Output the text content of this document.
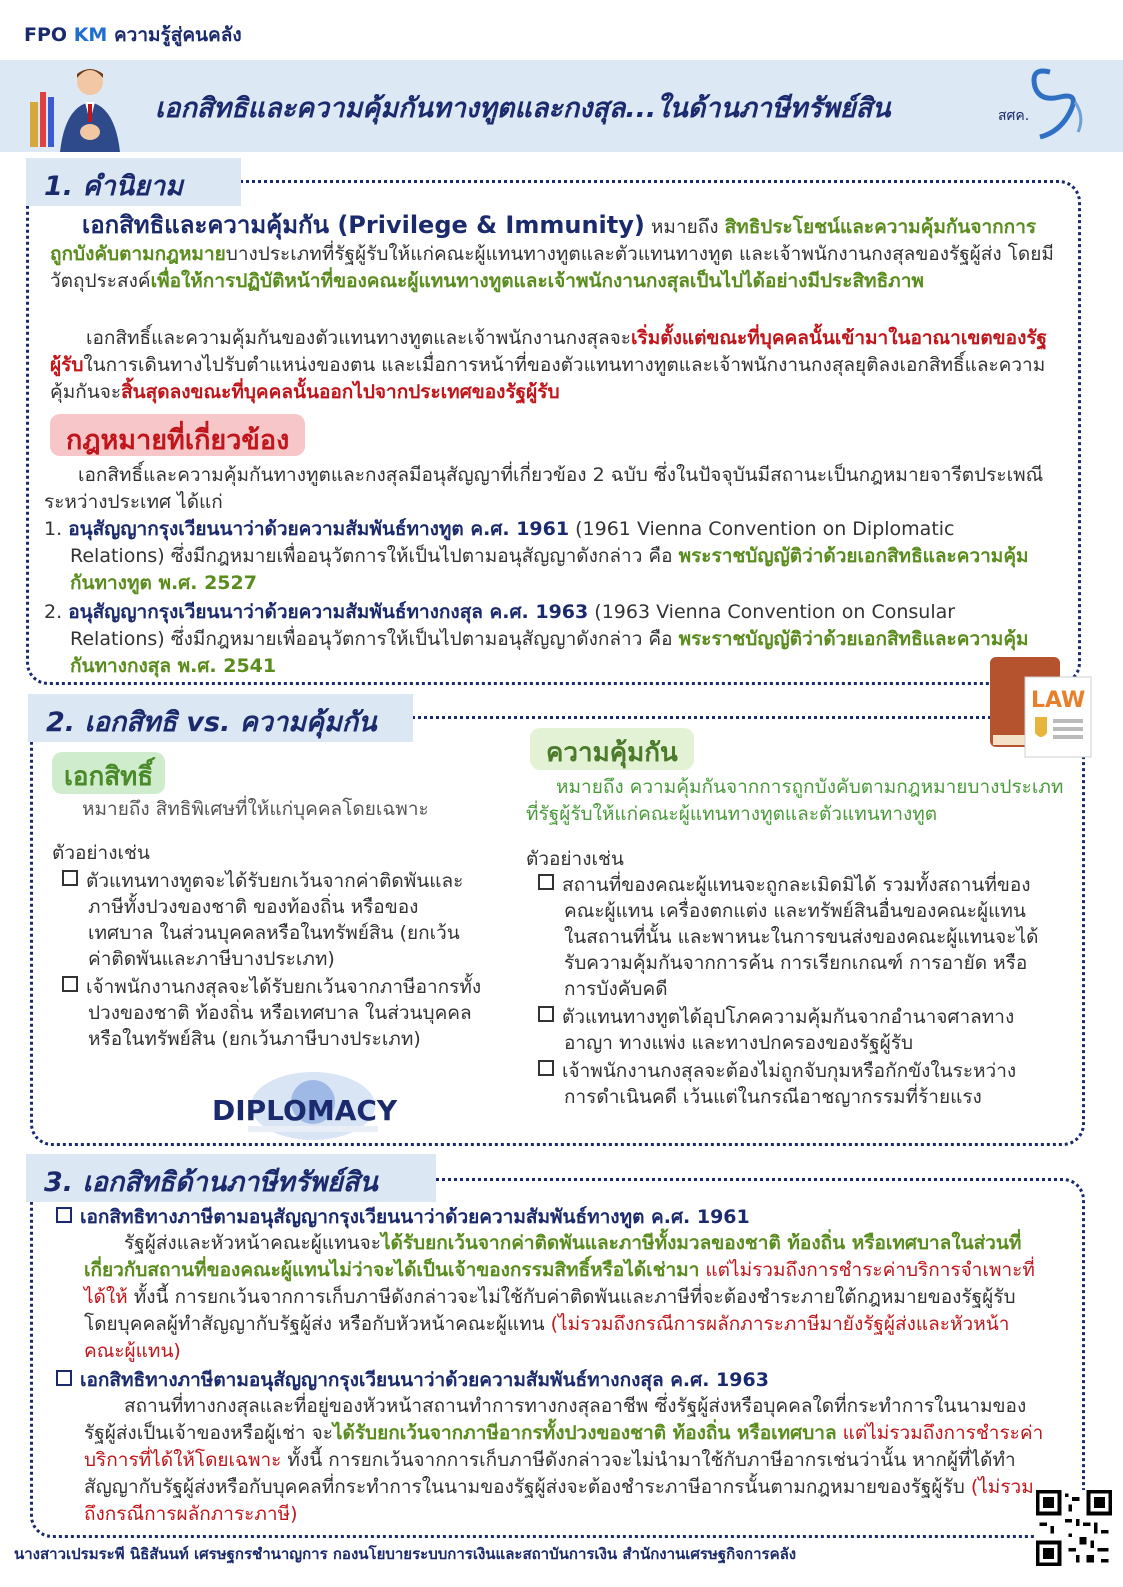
FPO KM ความรู้สู่คนคลัง
เอกสิทธิและความคุ้มกันทางทูตและกงสุล...ในด้านภาษีทรัพย์สิน	สศค.
1. คำนิยาม
เอกสิทธิและความคุ้มกัน (Privilege & Immunity) หมายถึง สิทธิประโยชน์และความคุ้มกันจากการถูกบังคับตามกฎหมายบางประเภทที่รัฐผู้รับให้แก่คณะผู้แทนทางทูตและตัวแทนทางทูต และเจ้าพนักงานกงสุลของรัฐผู้ส่ง โดยมีวัตถุประสงค์เพื่อให้การปฏิบัติหน้าที่ของคณะผู้แทนทางทูตและเจ้าพนักงานกงสุลเป็นไปได้อย่างมีประสิทธิภาพ
เอกสิทธิ์และความคุ้มกันของตัวแทนทางทูตและเจ้าพนักงานกงสุลจะเริ่มตั้งแต่ขณะที่บุคคลนั้นเข้ามาในอาณาเขตของรัฐผู้รับในการเดินทางไปรับตำแหน่งของตน และเมื่อการหน้าที่ของตัวแทนทางทูตและเจ้าพนักงานกงสุลยุติลงเอกสิทธิ์และความคุ้มกันจะสิ้นสุดลงขณะที่บุคคลนั้นออกไปจากประเทศของรัฐผู้รับ
กฎหมายที่เกี่ยวข้อง
เอกสิทธิ์และความคุ้มกันทางทูตและกงสุลมีอนุสัญญาที่เกี่ยวข้อง 2 ฉบับ ซึ่งในปัจจุบันมีสถานะเป็นกฎหมายจารีตประเพณีระหว่างประเทศ ได้แก่
1. อนุสัญญากรุงเวียนนาว่าด้วยความสัมพันธ์ทางทูต ค.ศ. 1961 (1961 Vienna Convention on Diplomatic Relations) ซึ่งมีกฎหมายเพื่ออนุวัตการให้เป็นไปตามอนุสัญญาดังกล่าว คือ พระราชบัญญัติว่าด้วยเอกสิทธิและความคุ้มกันทางทูต พ.ศ. 2527
2. อนุสัญญากรุงเวียนนาว่าด้วยความสัมพันธ์ทางกงสุล ค.ศ. 1963 (1963 Vienna Convention on Consular Relations) ซึ่งมีกฎหมายเพื่ออนุวัตการให้เป็นไปตามอนุสัญญาดังกล่าว คือ พระราชบัญญัติว่าด้วยเอกสิทธิและความคุ้มกันทางกงสุล พ.ศ. 2541
2. เอกสิทธิ vs. ความคุ้มกัน
LAW
เอกสิทธิ์
หมายถึง สิทธิพิเศษที่ให้แก่บุคคลโดยเฉพาะ
ตัวอย่างเช่น
ตัวแทนทางทูตจะได้รับยกเว้นจากค่าติดพันและภาษีทั้งปวงของชาติ ของท้องถิ่น หรือของเทศบาล ในส่วนบุคคลหรือในทรัพย์สิน (ยกเว้นค่าติดพันและภาษีบางประเภท)
เจ้าพนักงานกงสุลจะได้รับยกเว้นจากภาษีอากรทั้งปวงของชาติ ท้องถิ่น หรือเทศบาล ในส่วนบุคคลหรือในทรัพย์สิน (ยกเว้นภาษีบางประเภท)
DIPLOMACY
ความคุ้มกัน
หมายถึง ความคุ้มกันจากการถูกบังคับตามกฎหมายบางประเภทที่รัฐผู้รับให้แก่คณะผู้แทนทางทูตและตัวแทนทางทูต
ตัวอย่างเช่น
สถานที่ของคณะผู้แทนจะถูกละเมิดมิได้ รวมทั้งสถานที่ของคณะผู้แทน เครื่องตกแต่ง และทรัพย์สินอื่นของคณะผู้แทนในสถานที่นั้น และพาหนะในการขนส่งของคณะผู้แทนจะได้รับความคุ้มกันจากการค้น การเรียกเกณฑ์ การอายัด หรือการบังคับคดี
ตัวแทนทางทูตได้อุปโภคความคุ้มกันจากอำนาจศาลทางอาญา ทางแพ่ง และทางปกครองของรัฐผู้รับ
เจ้าพนักงานกงสุลจะต้องไม่ถูกจับกุมหรือกักขังในระหว่างการดำเนินคดี เว้นแต่ในกรณีอาชญากรรมที่ร้ายแรง
3. เอกสิทธิด้านภาษีทรัพย์สิน
เอกสิทธิทางภาษีตามอนุสัญญากรุงเวียนนาว่าด้วยความสัมพันธ์ทางทูต ค.ศ. 1961
รัฐผู้ส่งและหัวหน้าคณะผู้แทนจะได้รับยกเว้นจากค่าติดพันและภาษีทั้งมวลของชาติ ท้องถิ่น หรือเทศบาลในส่วนที่เกี่ยวกับสถานที่ของคณะผู้แทนไม่ว่าจะได้เป็นเจ้าของกรรมสิทธิ์หรือได้เช่ามา แต่ไม่รวมถึงการชำระค่าบริการจำเพาะที่ได้ให้ ทั้งนี้ การยกเว้นจากการเก็บภาษีดังกล่าวจะไม่ใช้กับค่าติดพันและภาษีที่จะต้องชำระภายใต้กฎหมายของรัฐผู้รับโดยบุคคลผู้ทำสัญญากับรัฐผู้ส่ง หรือกับหัวหน้าคณะผู้แทน (ไม่รวมถึงกรณีการผลักภาระภาษีมายังรัฐผู้ส่งและหัวหน้าคณะผู้แทน)
เอกสิทธิทางภาษีตามอนุสัญญากรุงเวียนนาว่าด้วยความสัมพันธ์ทางกงสุล ค.ศ. 1963
สถานที่ทางกงสุลและที่อยู่ของหัวหน้าสถานทำการทางกงสุลอาชีพ ซึ่งรัฐผู้ส่งหรือบุคคลใดที่กระทำการในนามของรัฐผู้ส่งเป็นเจ้าของหรือผู้เช่า จะได้รับยกเว้นจากภาษีอากรทั้งปวงของชาติ ท้องถิ่น หรือเทศบาล แต่ไม่รวมถึงการชำระค่าบริการที่ได้ให้โดยเฉพาะ ทั้งนี้ การยกเว้นจากการเก็บภาษีดังกล่าวจะไม่นำมาใช้กับภาษีอากรเช่นว่านั้น หากผู้ที่ได้ทำสัญญากับรัฐผู้ส่งหรือกับบุคคลที่กระทำการในนามของรัฐผู้ส่งจะต้องชำระภาษีอากรนั้นตามกฎหมายของรัฐผู้รับ (ไม่รวมถึงกรณีการผลักภาระภาษี)
นางสาวเปรมระพี นิธิสันนท์ เศรษฐกรชำนาญการ กองนโยบายระบบการเงินและสถาบันการเงิน สำนักงานเศรษฐกิจการคลัง
